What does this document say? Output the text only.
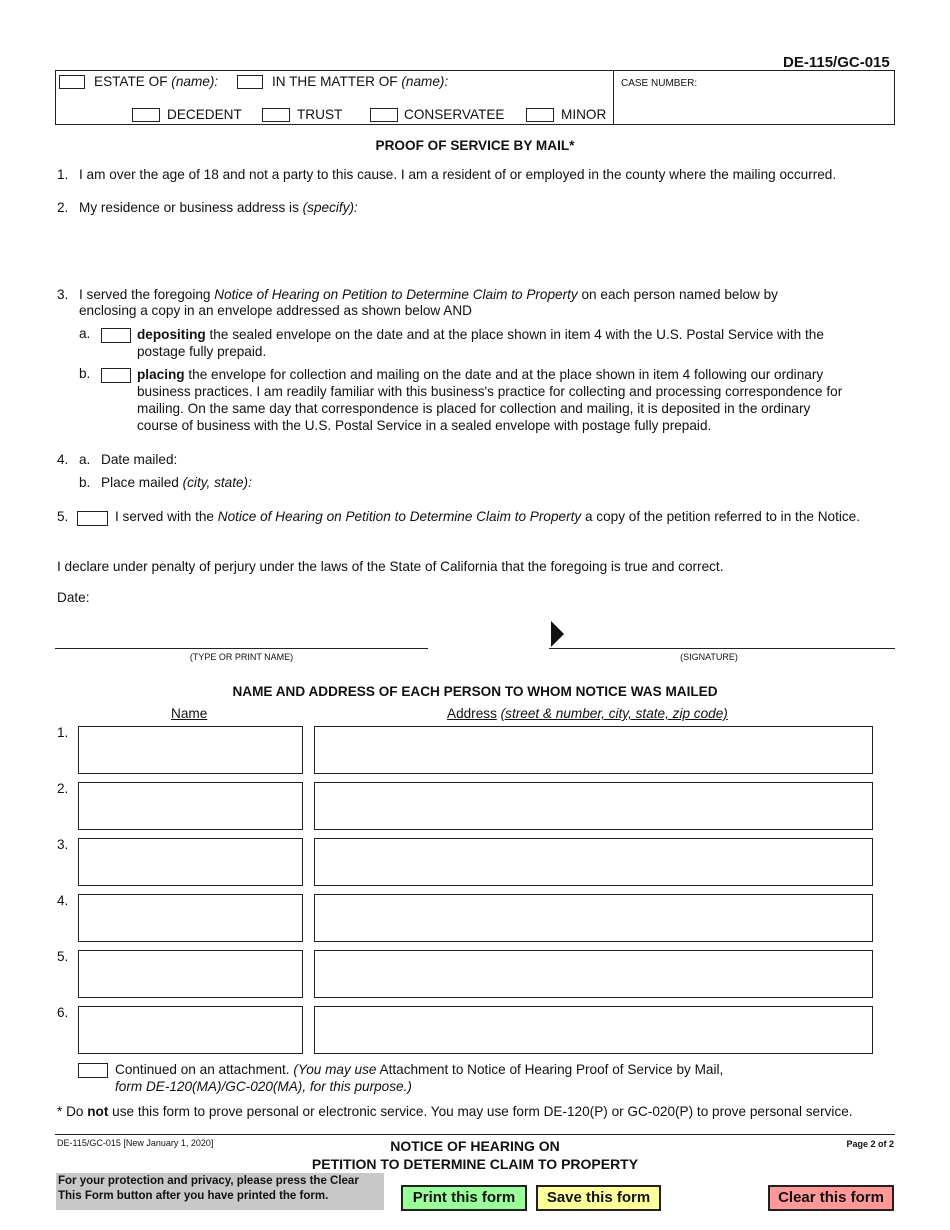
DE-115/GC-015
ESTATE OF (name):	IN THE MATTER OF (name):	CASE NUMBER:
DECEDENT	TRUST	CONSERVATEE	MINOR
PROOF OF SERVICE BY MAIL*
1. I am over the age of 18 and not a party to this cause. I am a resident of or employed in the county where the mailing occurred.
2. My residence or business address is (specify):
3. I served the foregoing Notice of Hearing on Petition to Determine Claim to Property on each person named below by

enclosing a copy in an envelope addressed as shown below AND

a.	depositing the sealed envelope on the date and at the place shown in item 4 with the U.S. Postal Service with the

postage fully prepaid.

b.	placing the envelope for collection and mailing on the date and at the place shown in item 4 following our ordinary

business practices. I am readily familiar with this business's practice for collecting and processing correspondence for

mailing. On the same day that correspondence is placed for collection and mailing, it is deposited in the ordinary

course of business with the U.S. Postal Service in a sealed envelope with postage fully prepaid.

4. a. Date mailed:
b. Place mailed (city, state):
5.	I served with the Notice of Hearing on Petition to Determine Claim to Property a copy of the petition referred to in the Notice.
I declare under penalty of perjury under the laws of the State of California that the foregoing is true and correct.
Date:
(TYPE OR PRINT NAME)	(SIGNATURE)
NAME AND ADDRESS OF EACH PERSON TO WHOM NOTICE WAS MAILED
Name	Address (street & number, city, state, zip code)
1.
2.
3.
4.
5.
6.

Continued on an attachment. (You may use Attachment to Notice of Hearing Proof of Service by Mail,

form DE-120(MA)/GC-020(MA), for this purpose.)

* Do not use this form to prove personal or electronic service. You may use form DE-120(P) or GC-020(P) to prove personal service.
DE-115/GC-015 [New January 1, 2020]	NOTICE OF HEARING ON
PETITION TO DETERMINE CLAIM TO PROPERTY
Page 2 of 2

For your protection and privacy, please press the Clear

This Form button after you have printed the form.	Print this form	Save this form	Clear this form
